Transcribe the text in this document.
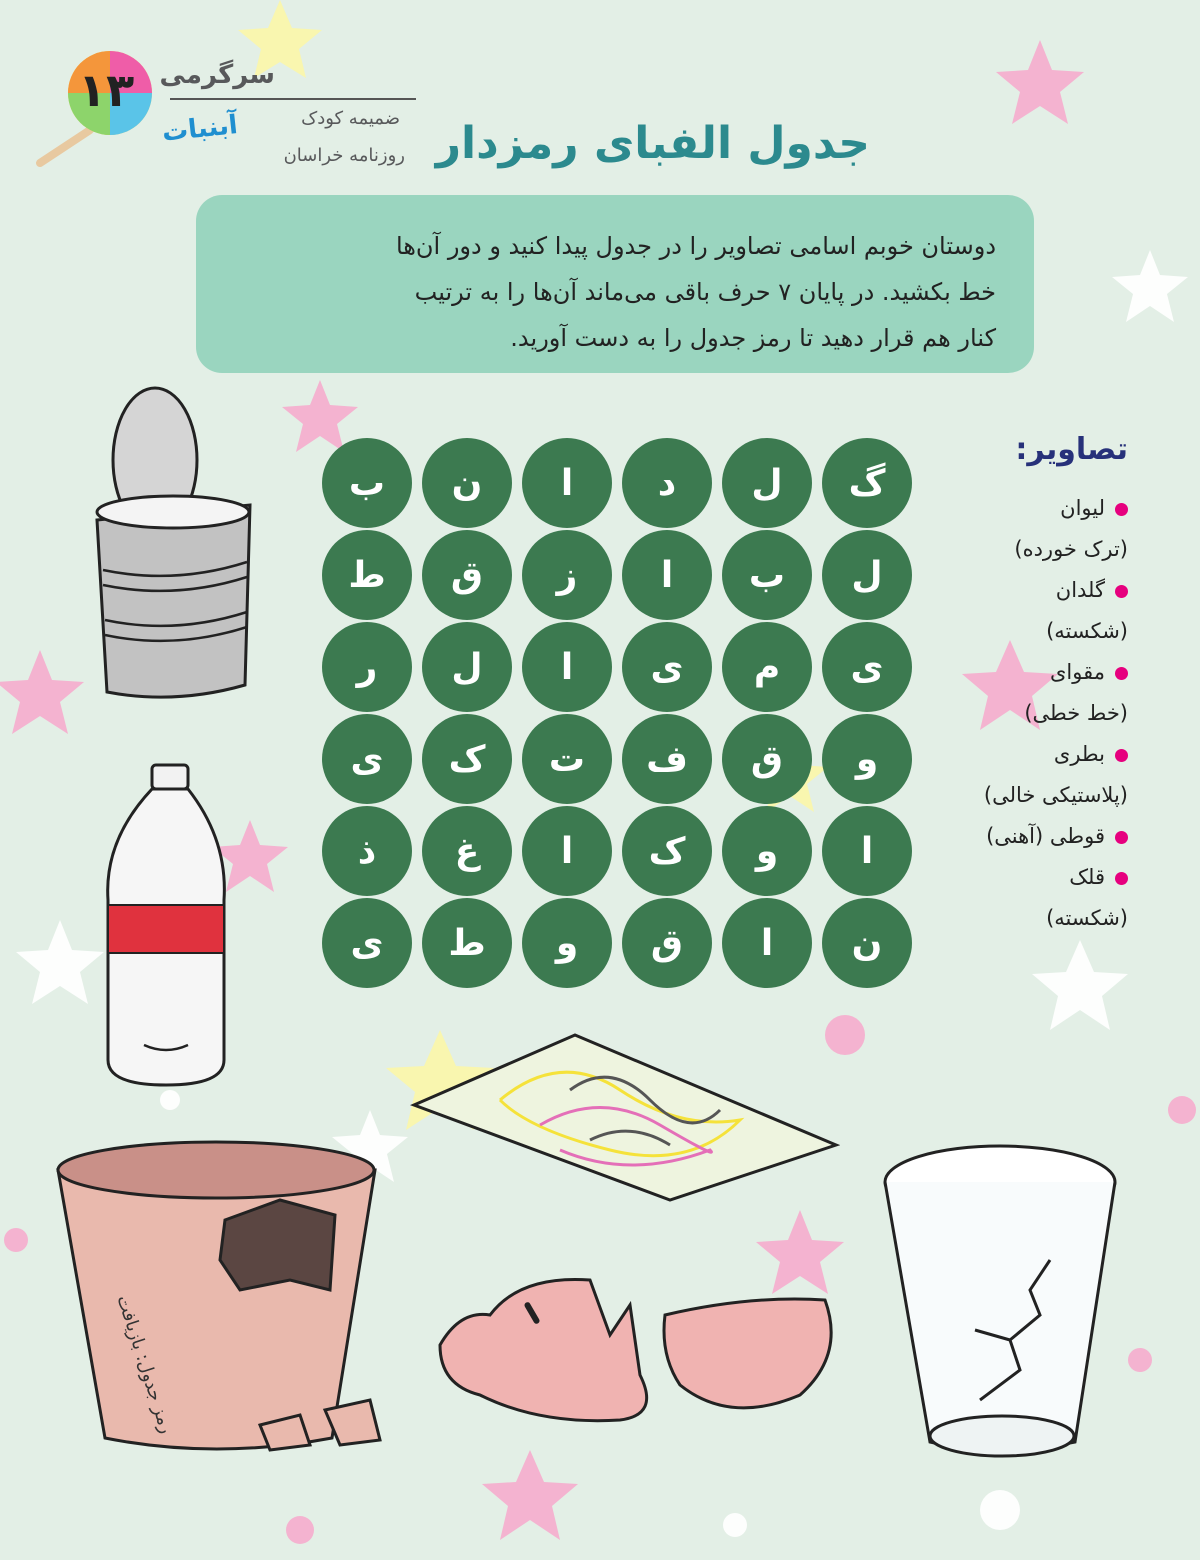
۱۳ سرگرمی
آبنبات	ضمیمه کودک
روزنامه خراسان جدول الفبای رمزدار
دوستان خوبم اسامی تصاویر را در جدول پیدا کنید و دور آن‌ها
خط بکشید. در پایان ۷ حرف باقی می‌ماند آن‌ها را به ترتیب
کنار هم قرار دهید تا رمز جدول را به دست آورید.
گ
ل
د
ا
ن
ب
ل
ب
ا
ز
ق
ط
ی
م
ی
ا
ل
ر
و
ق
ف
ت
ک
ی
ا
و
ک
ا
غ
ذ
ن
ا
ق
و
ط
ی
تصاویر:
لیوان
(ترک خورده)
گلدان
(شکسته)
مقوای
(خط خطی)
بطری
(پلاستیکی خالی)
قوطی (آهنی)
قلک
(شکسته)
رمز جدول: بازیافت
